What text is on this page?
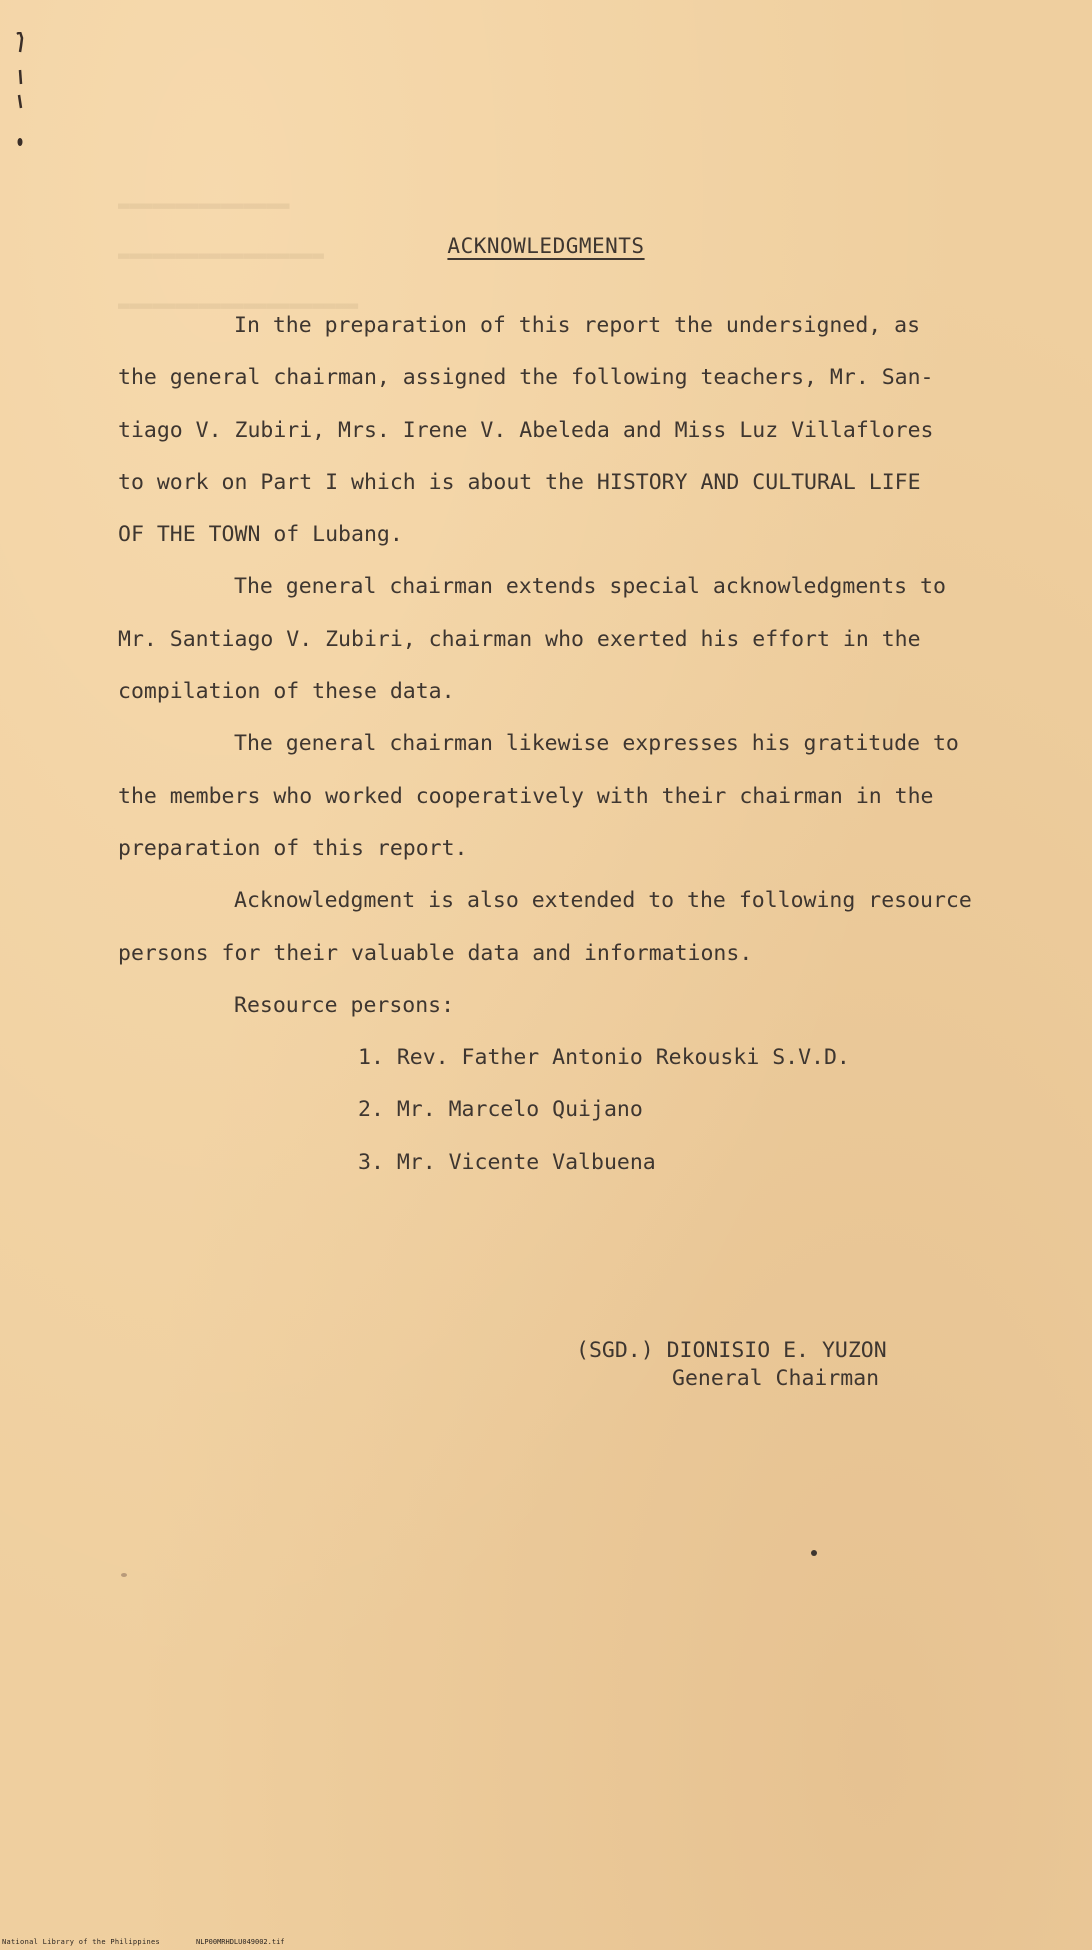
▬▬▬▬▬▬▬▬▬▬▬▬▬▬▬
▬▬▬▬▬▬▬▬▬▬▬▬▬▬▬▬▬▬
▬▬▬▬▬▬▬▬▬▬▬▬▬▬▬▬▬▬▬▬▬
ACKNOWLEDGMENTS
In the preparation of this report the undersigned, as
the general chairman, assigned the following teachers, Mr. San-
tiago V. Zubiri, Mrs. Irene V. Abeleda and Miss Luz Villaflores
to work on Part I which is about the HISTORY AND CULTURAL LIFE
OF THE TOWN of Lubang.
The general chairman extends special acknowledgments to
Mr. Santiago V. Zubiri, chairman who exerted his effort in the
compilation of these data.
The general chairman likewise expresses his gratitude to
the members who worked cooperatively with their chairman in the
preparation of this report.
Acknowledgment is also extended to the following resource
persons for their valuable data and informations.
Resource persons:
1. Rev. Father Antonio Rekouski S.V.D.
2. Mr. Marcelo Quijano
3. Mr. Vicente Valbuena
(SGD.) DIONISIO E. YUZON
General Chairman
National Library of the Philippines	NLP00MRHDLU049002.tif
